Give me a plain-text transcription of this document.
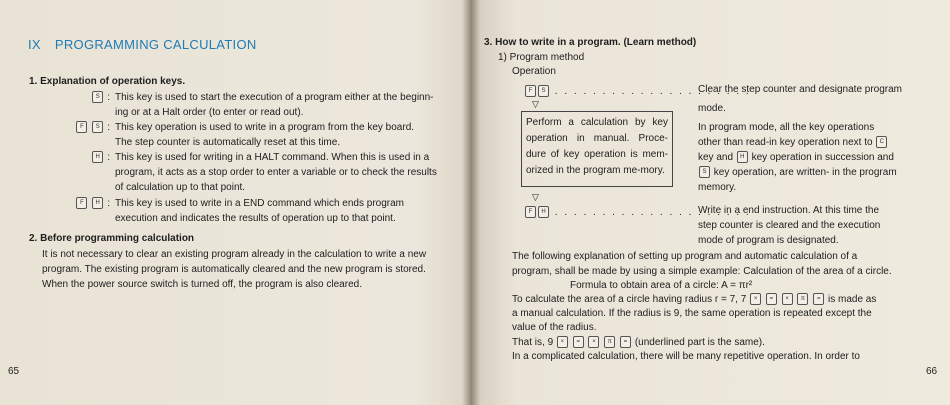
IX PROGRAMMING CALCULATION
1. Explanation of operation keys.
S : This key is used to start the execution of a program either at the beginn-
ing or at a Halt order (to enter or read out).
F S : This key operation is used to write in a program from the key board.
The step counter is automatically reset at this time.
H : This key is used for writing in a HALT command. When this is used in a
program, it acts as a stop order to enter a variable or to check the results
of calculation up to that point.
F H : This key is used to write in a END command which ends program
execution and indicates the results of operation up to that point.
2. Before programming calculation
It is not necessary to clear an existing program already in the calculation to write a new
program. The existing program is automatically cleared and the new program is stored.
When the power source switch is turned off, the program is also cleared.
65
3. How to write in a program. (Learn method)
1) Program method
Operation
F S . . . . . . . . . . . . . . . . . . . . .
Clear the step counter and designate program
mode.
▽
Perform a calculation by key operation in manual. Proce-dure of key operation is mem-orized in the program me-mory.
▽
In program mode, all the key operations
other than read-in key operation next to C
key and H key operation in succession and
S key operation, are written- in the program
memory.
F H . . . . . . . . . . . . . . . . . . . . .
Write in a end instruction. At this time the
step counter is cleared and the execution
mode of program is designated.
The following explanation of setting up program and automatic calculation of a
program, shall be made by using a simple example: Calculation of the area of a circle.
Formula to obtain area of a circle: A = πr²
To calculate the area of a circle having radius r = 7, 7 × = × π = is made as
a manual calculation. If the radius is 9, the same operation is repeated except the
value of the radius.
That is, 9 × = × π = (underlined part is the same).
In a complicated calculation, there will be many repetitive operation. In order to
66
